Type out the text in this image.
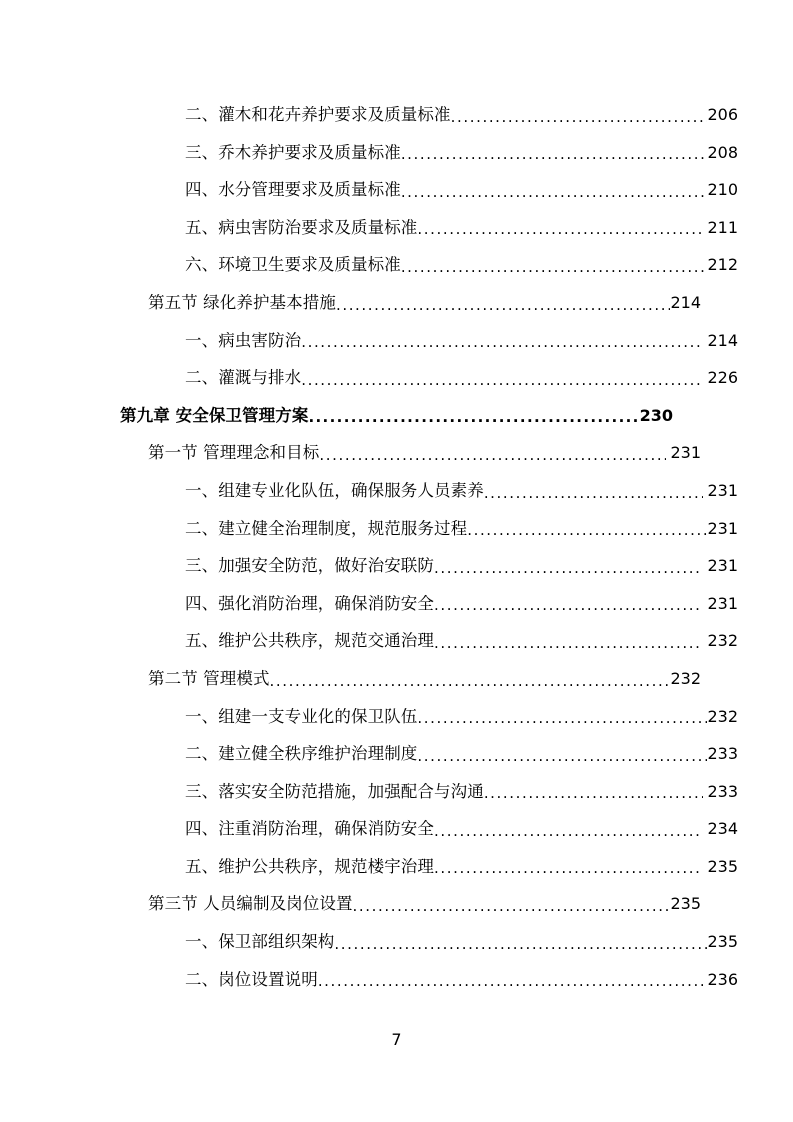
二、灌木和花卉养护要求及质量标准 .....	206
三、乔木养护要求及质量标准 .....	208
四、水分管理要求及质量标准 .....	210
五、病虫害防治要求及质量标准 .....	211
六、环境卫生要求及质量标准 .....	212
第五节 绿化养护基本措施 .....	214
一、病虫害防治 .....	214
二、灌溉与排水 .....	226
第九章 安全保卫管理方案 .....	230
第一节 管理理念和目标 .....	231
一、组建专业化队伍，确保服务人员素养 .....	231
二、建立健全治理制度，规范服务过程 .....	231
三、加强安全防范，做好治安联防 .....	231
四、强化消防治理，确保消防安全 .....	231
五、维护公共秩序，规范交通治理 .....	232
第二节 管理模式 .....	232
一、组建一支专业化的保卫队伍 .....	232
二、建立健全秩序维护治理制度 .....	233
三、落实安全防范措施，加强配合与沟通 .....	233
四、注重消防治理，确保消防安全 .....	234
五、维护公共秩序，规范楼宇治理 .....	235
第三节 人员编制及岗位设置 .....	235
一、保卫部组织架构 .....	235
二、岗位设置说明 .....	236
7
